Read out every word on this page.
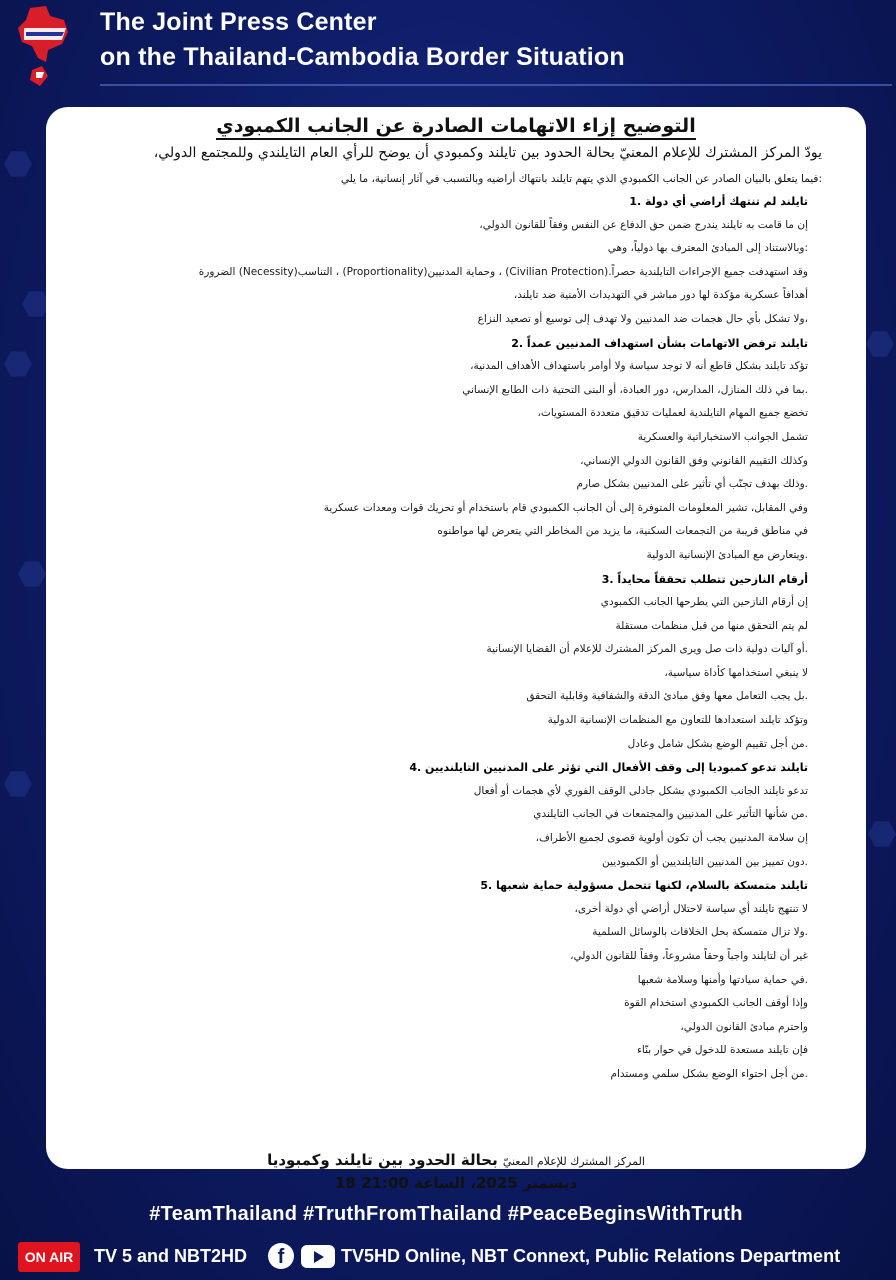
The Joint Press Center
on the Thailand-Cambodia Border Situation
التوضيح إزاء الاتهامات الصادرة عن الجانب الكمبودي
يودّ المركز المشترك للإعلام المعنيّ بحالة الحدود بين تايلند وكمبودي أن يوضح للرأي العام التايلندي وللمجتمع الدولي،
:فيما يتعلق بالبيان الصادر عن الجانب الكمبودي الذي يتهم تايلند بانتهاك أراضيه وبالتسبب في آثار إنسانية، ما يلي
تايلند لم تنتهك أراضي أي دولة .1
إن ما قامت به تايلند يندرج ضمن حق الدفاع عن النفس وفقاً للقانون الدولي،
:وبالاستناد إلى المبادئ المعترف بها دولياً، وهي
وقد استهدفت جميع الإجراءات التايلندية حصراً.(Civilian Protection) ، وحماية المدنيين(Proportionality) ، التناسب(Necessity) الضرورة
أهدافاً عسكرية مؤكدة لها دور مباشر في التهديدات الأمنية ضد تايلند،
،ولا تشكل بأي حال هجمات ضد المدنيين ولا تهدف إلى توسيع أو تصعيد النزاع
تايلند ترفض الاتهامات بشأن استهداف المدنيين عمداً .2
تؤكد تايلند بشكل قاطع أنه لا توجد سياسة ولا أوامر باستهداف الأهداف المدنية،
.بما في ذلك المنازل، المدارس، دور العبادة، أو البنى التحتية ذات الطابع الإنساني
تخضع جميع المهام التايلندية لعمليات تدقيق متعددة المستويات،
تشمل الجوانب الاستخباراتية والعسكرية
وكذلك التقييم القانوني وفق القانون الدولي الإنساني،
.وذلك بهدف تجنّب أي تأثير على المدنيين بشكل صارم
وفي المقابل، تشير المعلومات المتوفرة إلى أن الجانب الكمبودي قام باستخدام أو تحريك قوات ومعدات عسكرية
في مناطق قريبة من التجمعات السكنية، ما يزيد من المخاطر التي يتعرض لها مواطنوه
.ويتعارض مع المبادئ الإنسانية الدولية
أرقام النازحين تتطلب تحققاً محايداً .3
إن أرقام النازحين التي يطرحها الجانب الكمبودي
لم يتم التحقق منها من قبل منظمات مستقلة
.أو آليات دولية ذات صل ويرى المركز المشترك للإعلام أن القضايا الإنسانية
لا ينبغي استخدامها كأداة سياسية،
.بل يجب التعامل معها وفق مبادئ الدقة والشفافية وقابلية التحقق
وتؤكد تايلند استعدادها للتعاون مع المنظمات الإنسانية الدولية
.من أجل تقييم الوضع بشكل شامل وعادل
تايلند تدعو كمبوديا إلى وقف الأفعال التي تؤثر على المدنيين التايلنديين .4
تدعو تايلند الجانب الكمبودي بشكل جادلى الوقف الفوري لأي هجمات أو أفعال
.من شأنها التأثير على المدنيين والمجتمعات في الجانب التايلندي
إن سلامة المدنيين يجب أن تكون أولوية قصوى لجميع الأطراف،
.دون تمييز بين المدنيين التايلنديين أو الكمبوديين
تايلند متمسكة بالسلام، لكنها تتحمل مسؤولية حماية شعبها .5
لا تنتهج تايلند أي سياسة لاحتلال أراضي أي دولة أخرى،
.ولا تزال متمسكة بحل الخلافات بالوسائل السلمية
غير أن لتايلند واجباً وحقاً مشروعاً، وفقاً للقانون الدولي،
.في حماية سيادتها وأمنها وسلامة شعبها
وإذا أوقف الجانب الكمبودي استخدام القوة
واحترم مبادئ القانون الدولي،
فإن تايلند مستعدة للدخول في حوار بنّاء
.من أجل احتواء الوضع بشكل سلمي ومستدام
المركز المشترك للإعلام المعنيّ بحالة الحدود بين تايلند وكمبوديا
ديسمبر 2025، الساعة 21:00 18
#TeamThailand #TruthFromThailand #PeaceBeginsWithTruth
ON AIR	TV 5 and NBT2HD	f	TV5HD Online, NBT Connext, Public Relations Department
